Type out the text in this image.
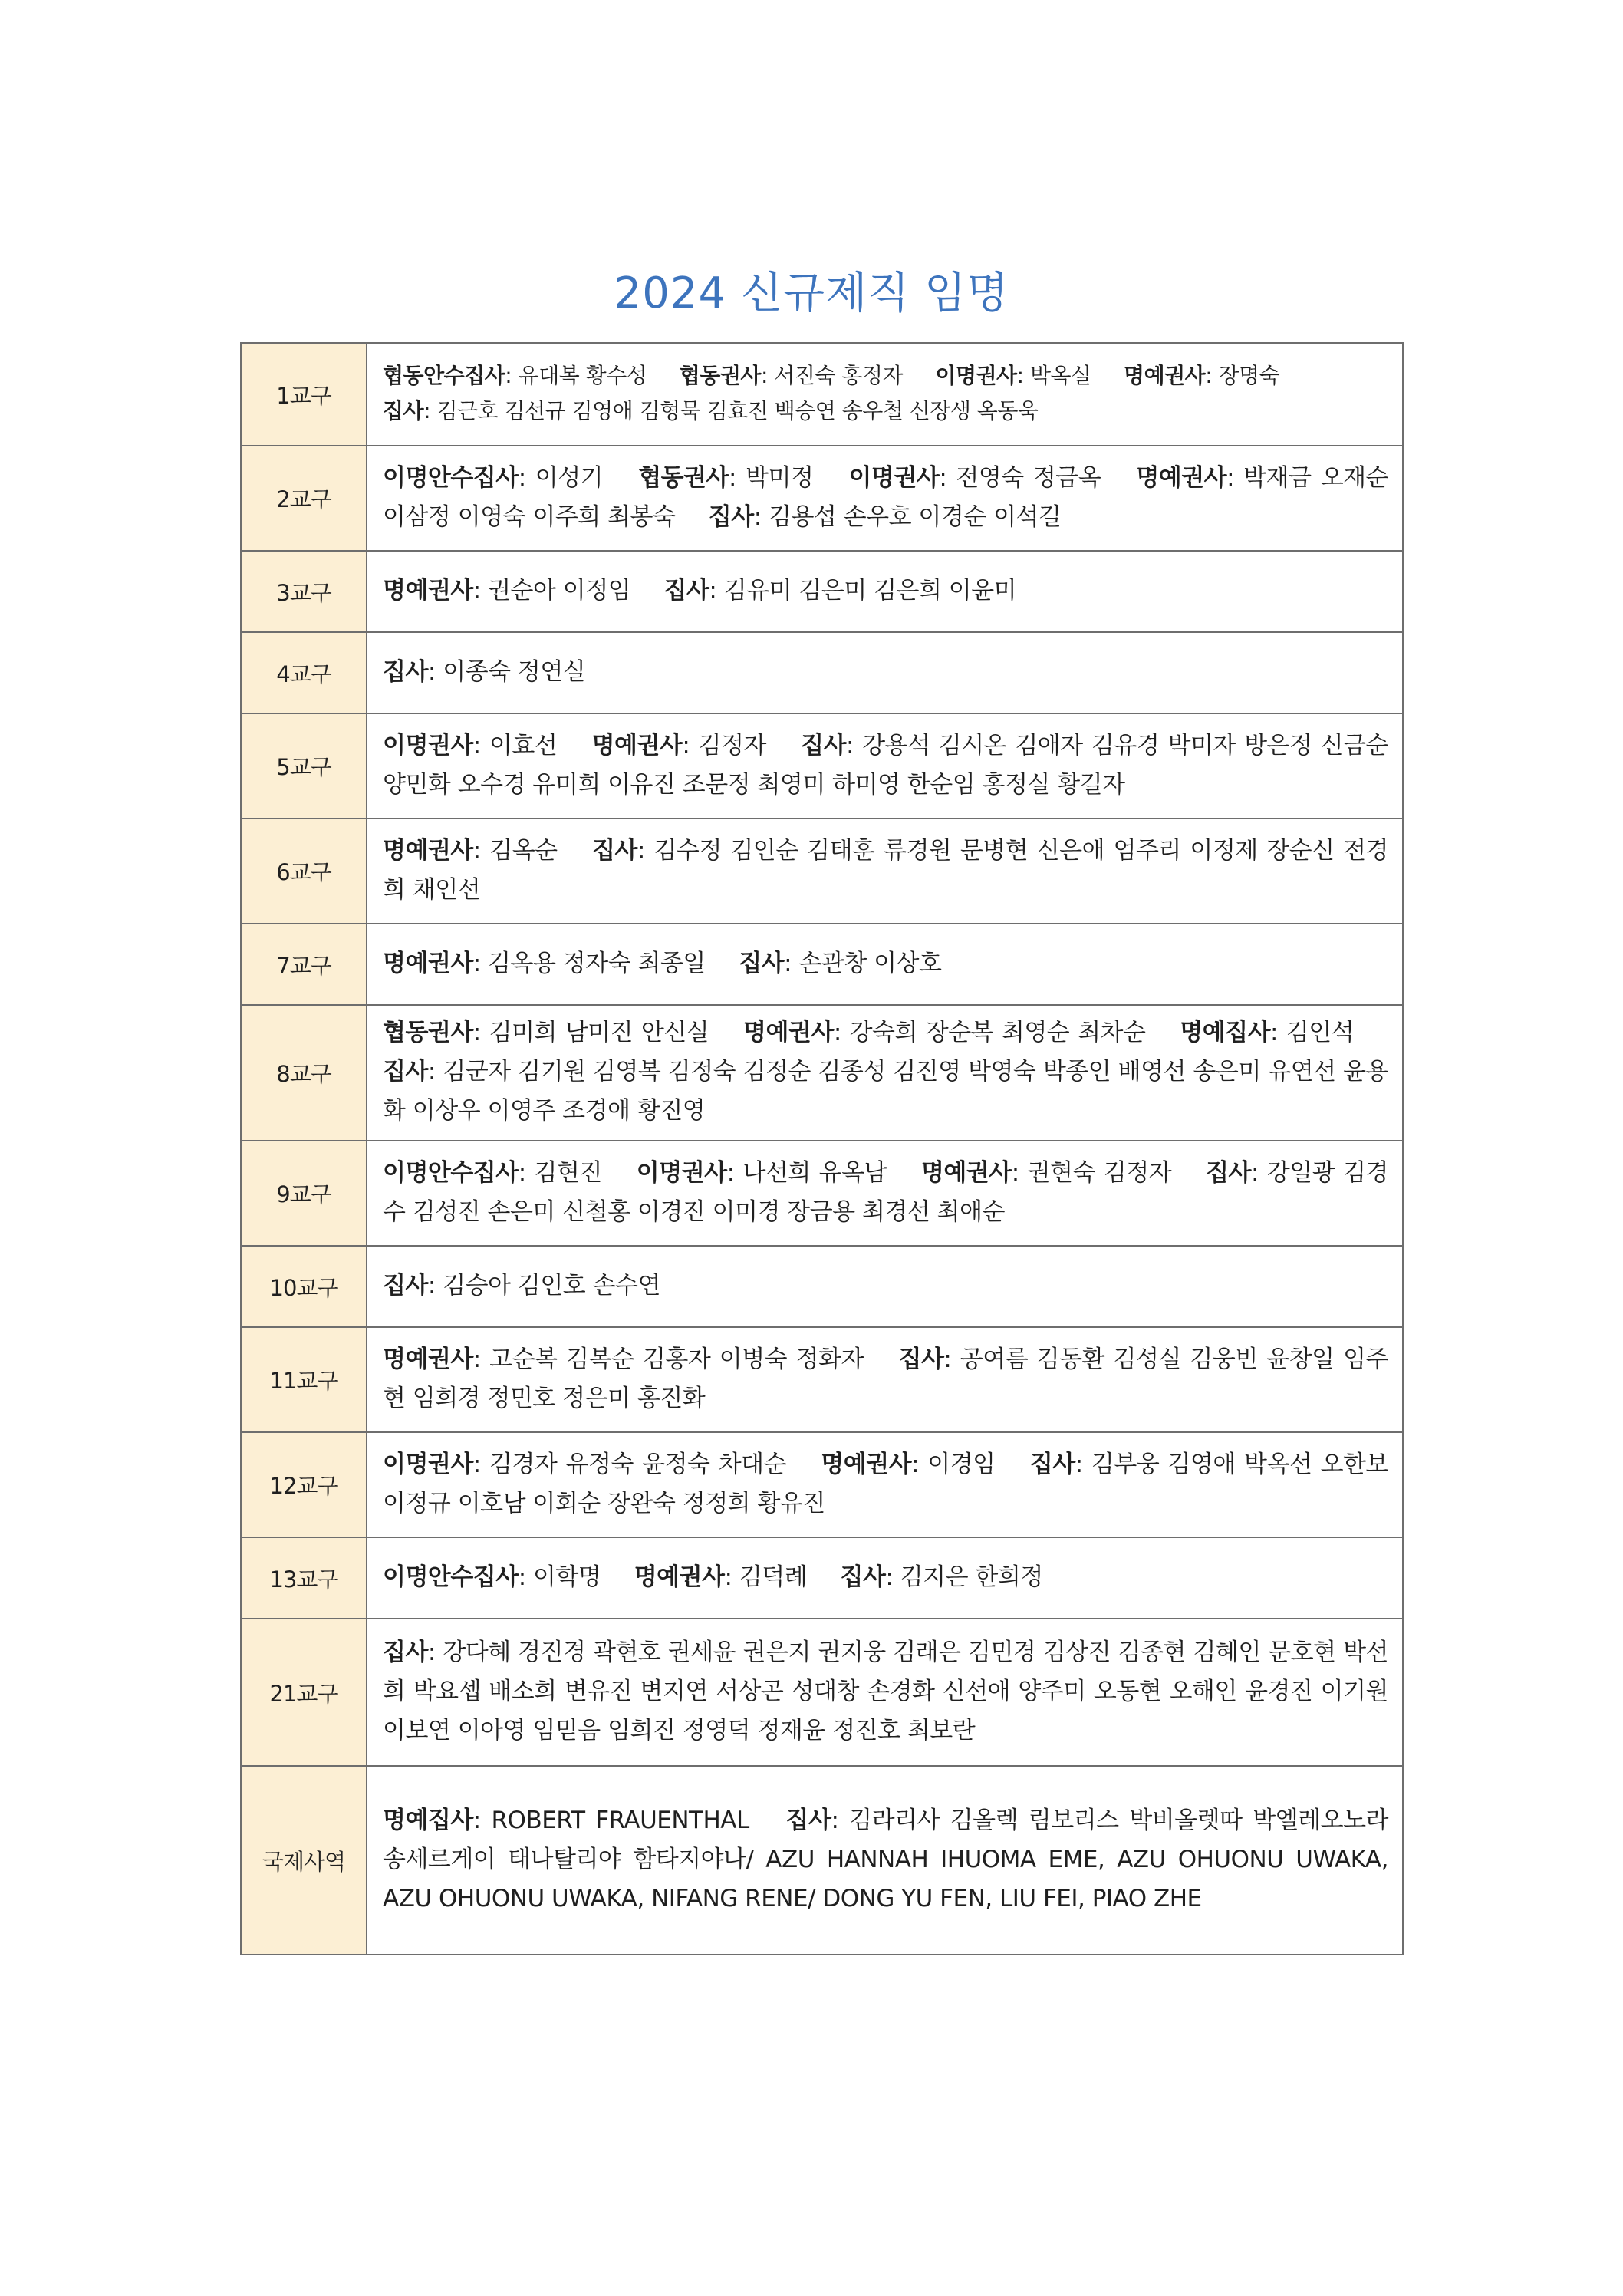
2024 신규제직 임명
1교구	협동안수집사: 유대복 황수성 협동권사: 서진숙 홍정자 이명권사: 박옥실 명예권사: 장명숙
집사: 김근호 김선규 김영애 김형묵 김효진 백승연 송우철 신장생 옥동욱
2교구	이명안수집사: 이성기 협동권사: 박미정 이명권사: 전영숙 정금옥 명예권사: 박재금 오재순 이삼정 이영숙 이주희 최봉숙 집사: 김용섭 손우호 이경순 이석길
3교구	명예권사: 권순아 이정임 집사: 김유미 김은미 김은희 이윤미
4교구	집사: 이종숙 정연실
5교구	이명권사: 이효선 명예권사: 김정자 집사: 강용석 김시온 김애자 김유경 박미자 방은정 신금순 양민화 오수경 유미희 이유진 조문정 최영미 하미영 한순임 홍정실 황길자
6교구	명예권사: 김옥순 집사: 김수정 김인순 김태훈 류경원 문병현 신은애 엄주리 이정제 장순신 전경희 채인선
7교구	명예권사: 김옥용 정자숙 최종일 집사: 손관창 이상호
8교구	협동권사: 김미희 남미진 안신실 명예권사: 강숙희 장순복 최영순 최차순 명예집사: 김인석 집사: 김군자 김기원 김영복 김정숙 김정순 김종성 김진영 박영숙 박종인 배영선 송은미 유연선 윤용화 이상우 이영주 조경애 황진영
9교구	이명안수집사: 김현진 이명권사: 나선희 유옥남 명예권사: 권현숙 김정자 집사: 강일광 김경수 김성진 손은미 신철홍 이경진 이미경 장금용 최경선 최애순
10교구	집사: 김승아 김인호 손수연
11교구	명예권사: 고순복 김복순 김홍자 이병숙 정화자 집사: 공여름 김동환 김성실 김웅빈 윤창일 임주현 임희경 정민호 정은미 홍진화
12교구	이명권사: 김경자 유정숙 윤정숙 차대순 명예권사: 이경임 집사: 김부웅 김영애 박옥선 오한보 이정규 이호남 이회순 장완숙 정정희 황유진
13교구	이명안수집사: 이학명 명예권사: 김덕례 집사: 김지은 한희정
21교구	집사: 강다혜 경진경 곽현호 권세윤 권은지 권지웅 김래은 김민경 김상진 김종현 김혜인 문호현 박선희 박요셉 배소희 변유진 변지연 서상곤 성대창 손경화 신선애 양주미 오동현 오해인 윤경진 이기원 이보연 이아영 임믿음 임희진 정영덕 정재윤 정진호 최보란
국제사역	명예집사: ROBERT FRAUENTHAL 집사: 김라리사 김올렉 림보리스 박비올렛따 박엘레오노라 송세르게이 태나탈리야 함타지야나/ AZU HANNAH IHUOMA EME, AZU OHUONU UWAKA, AZU OHUONU UWAKA, NIFANG RENE/ DONG YU FEN, LIU FEI, PIAO ZHE
